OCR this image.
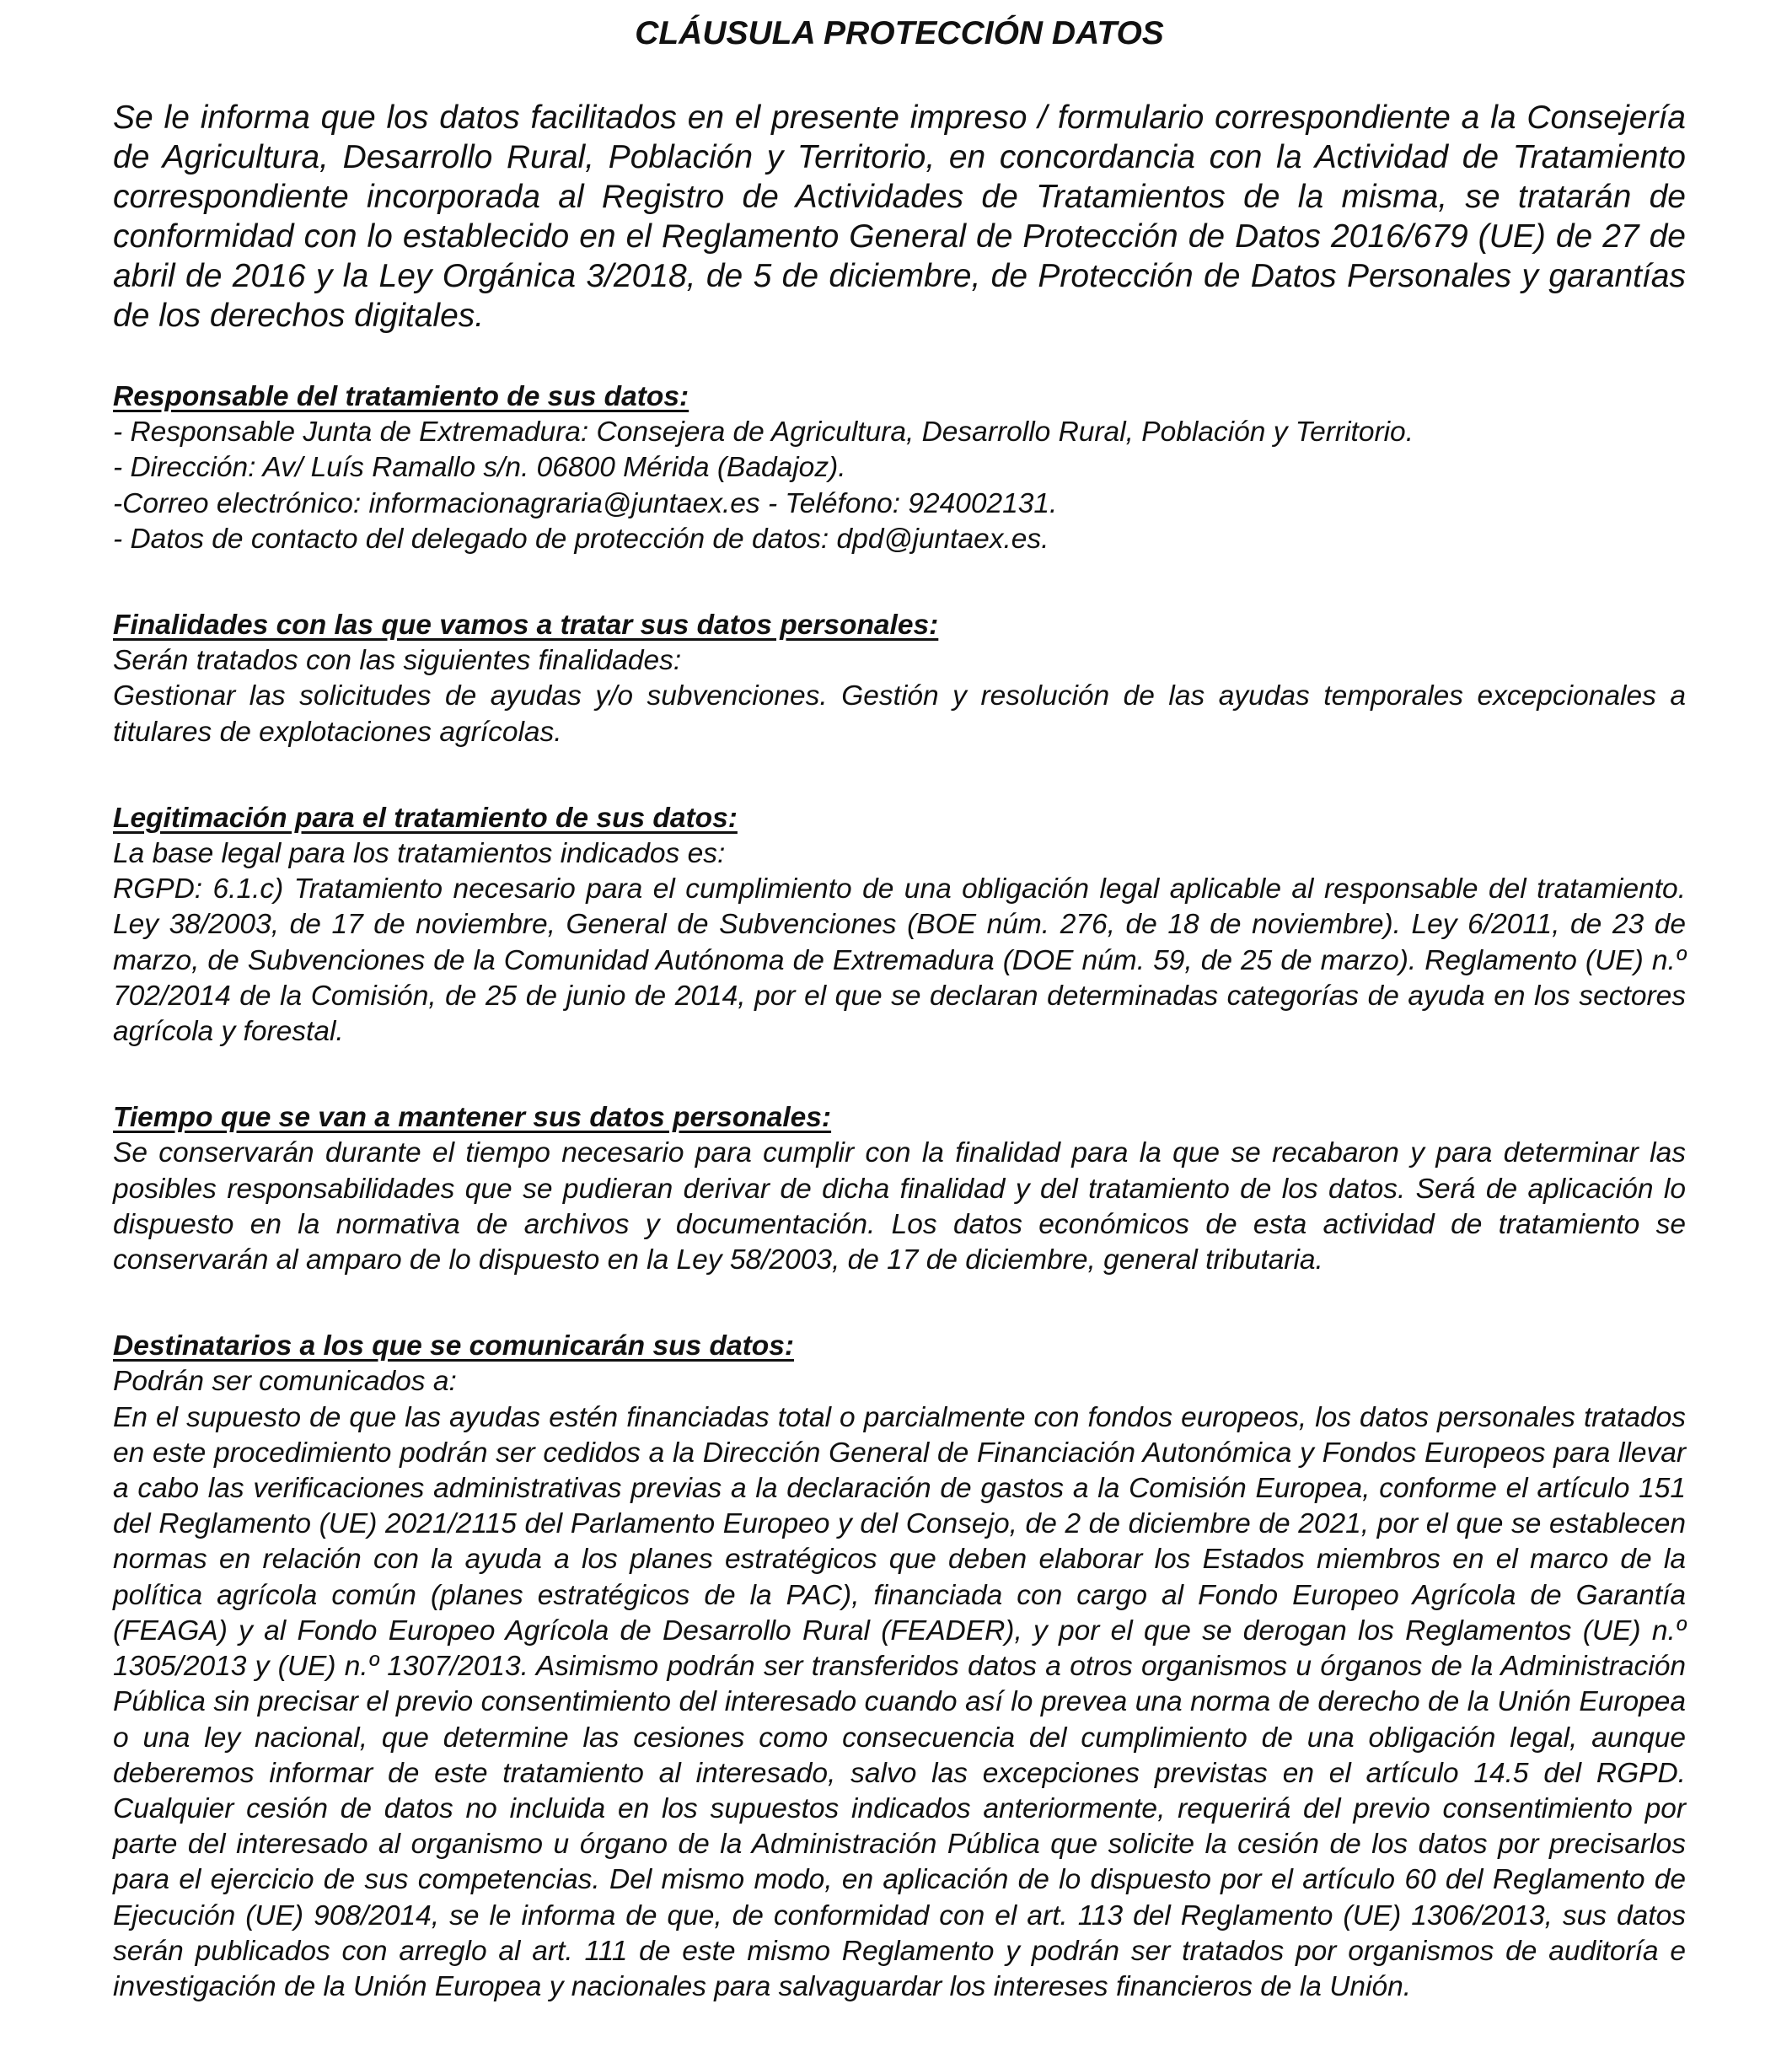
CLÁUSULA PROTECCIÓN DATOS

Se le informa que los datos facilitados en el presente impreso / formulario correspondiente a la Consejería de Agricultura, Desarrollo Rural, Población y Territorio, en concordancia con la Actividad de Tratamiento correspondiente incorporada al Registro de Actividades de Tratamientos de la misma, se tratarán de conformidad con lo establecido en el Reglamento General de Protección de Datos 2016/679 (UE) de 27 de abril de 2016 y la Ley Orgánica 3/2018, de 5 de diciembre, de Protección de Datos Personales y garantías de los derechos digitales.

Responsable del tratamiento de sus datos:

- Responsable Junta de Extremadura: Consejera de Agricultura, Desarrollo Rural, Población y Territorio.

- Dirección: Av/ Luís Ramallo s/n. 06800 Mérida (Badajoz).

-Correo electrónico: informacionagraria@juntaex.es - Teléfono: 924002131.

- Datos de contacto del delegado de protección de datos: dpd@juntaex.es.

Finalidades con las que vamos a tratar sus datos personales:

Serán tratados con las siguientes finalidades:

Gestionar las solicitudes de ayudas y/o subvenciones. Gestión y resolución de las ayudas temporales excepcionales a titulares de explotaciones agrícolas.

Legitimación para el tratamiento de sus datos:

La base legal para los tratamientos indicados es:

RGPD: 6.1.c) Tratamiento necesario para el cumplimiento de una obligación legal aplicable al responsable del tratamiento. Ley 38/2003, de 17 de noviembre, General de Subvenciones (BOE núm. 276, de 18 de noviembre). Ley 6/2011, de 23 de marzo, de Subvenciones de la Comunidad Autónoma de Extremadura (DOE núm. 59, de 25 de marzo). Reglamento (UE) n.º 702/2014 de la Comisión, de 25 de junio de 2014, por el que se declaran determinadas categorías de ayuda en los sectores agrícola y forestal.

Tiempo que se van a mantener sus datos personales:

Se conservarán durante el tiempo necesario para cumplir con la finalidad para la que se recabaron y para determinar las posibles responsabilidades que se pudieran derivar de dicha finalidad y del tratamiento de los datos. Será de aplicación lo dispuesto en la normativa de archivos y documentación. Los datos económicos de esta actividad de tratamiento se conservarán al amparo de lo dispuesto en la Ley 58/2003, de 17 de diciembre, general tributaria.

Destinatarios a los que se comunicarán sus datos:

Podrán ser comunicados a:

En el supuesto de que las ayudas estén financiadas total o parcialmente con fondos europeos, los datos personales tratados en este procedimiento podrán ser cedidos a la Dirección General de Financiación Autonómica y Fondos Europeos para llevar a cabo las verificaciones administrativas previas a la declaración de gastos a la Comisión Europea, conforme el artículo 151 del Reglamento (UE) 2021/2115 del Parlamento Europeo y del Consejo, de 2 de diciembre de 2021, por el que se establecen normas en relación con la ayuda a los planes estratégicos que deben elaborar los Estados miembros en el marco de la política agrícola común (planes estratégicos de la PAC), financiada con cargo al Fondo Europeo Agrícola de Garantía (FEAGA) y al Fondo Europeo Agrícola de Desarrollo Rural (FEADER), y por el que se derogan los Reglamentos (UE) n.º 1305/2013 y (UE) n.º 1307/2013. Asimismo podrán ser transferidos datos a otros organismos u órganos de la Administración Pública sin precisar el previo consentimiento del interesado cuando así lo prevea una norma de derecho de la Unión Europea o una ley nacional, que determine las cesiones como consecuencia del cumplimiento de una obligación legal, aunque deberemos informar de este tratamiento al interesado, salvo las excepciones previstas en el artículo 14.5 del RGPD. Cualquier cesión de datos no incluida en los supuestos indicados anteriormente, requerirá del previo consentimiento por parte del interesado al organismo u órgano de la Administración Pública que solicite la cesión de los datos por precisarlos para el ejercicio de sus competencias. Del mismo modo, en aplicación de lo dispuesto por el artículo 60 del Reglamento de Ejecución (UE) 908/2014, se le informa de que, de conformidad con el art. 113 del Reglamento (UE) 1306/2013, sus datos serán publicados con arreglo al art. 111 de este mismo Reglamento y podrán ser tratados por organismos de auditoría e investigación de la Unión Europea y nacionales para salvaguardar los intereses financieros de la Unión.
